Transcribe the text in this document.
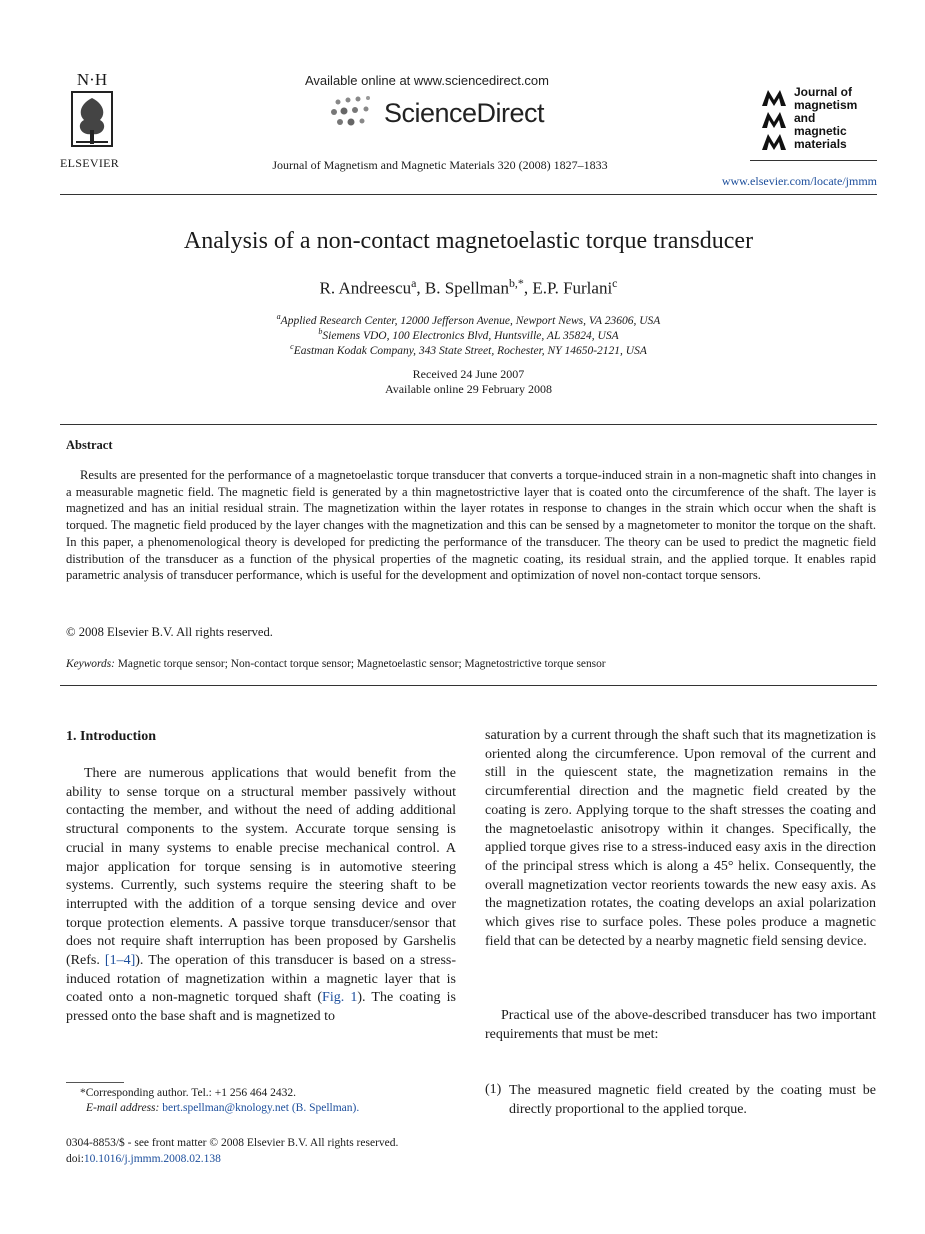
N·H
ELSEVIER
Available online at www.sciencedirect.com
ScienceDirect
Journal of Magnetism and Magnetic Materials 320 (2008) 1827–1833
Journal of
magnetism
and
magnetic
materials
www.elsevier.com/locate/jmmm
Analysis of a non-contact magnetoelastic torque transducer
R. Andreescu$^a$, B. Spellman$^{b,*}$, E.P. Furlani$^c$
$^a$Applied Research Center, 12000 Jefferson Avenue, Newport News, VA 23606, USA
$^b$Siemens VDO, 100 Electronics Blvd, Huntsville, AL 35824, USA
$^c$Eastman Kodak Company, 343 State Street, Rochester, NY 14650-2121, USA
Received 24 June 2007
Available online 29 February 2008
Abstract
Results are presented for the performance of a magnetoelastic torque transducer that converts a torque-induced strain in a non-magnetic shaft into changes in a measurable magnetic field. The magnetic field is generated by a thin magnetostrictive layer that is coated onto the circumference of the shaft. The layer is magnetized and has an initial residual strain. The magnetization within the layer rotates in response to changes in the strain which occur when the shaft is torqued. The magnetic field produced by the layer changes with the magnetization and this can be sensed by a magnetometer to monitor the torque on the shaft. In this paper, a phenomenological theory is developed for predicting the performance of the transducer. The theory can be used to predict the magnetic field distribution of the transducer as a function of the physical properties of the magnetic coating, its residual strain, and the applied torque. It enables rapid parametric analysis of transducer performance, which is useful for the development and optimization of novel non-contact torque sensors.
© 2008 Elsevier B.V. All rights reserved.
Keywords: Magnetic torque sensor; Non-contact torque sensor; Magnetoelastic sensor; Magnetostrictive torque sensor
1. Introduction
There are numerous applications that would benefit from the ability to sense torque on a structural member passively without contacting the member, and without the need of adding additional structural components to the system. Accurate torque sensing is crucial in many systems to enable precise mechanical control. A major application for torque sensing is in automotive steering systems. Currently, such systems require the steering shaft to be interrupted with the addition of a torque sensing device and over torque protection elements. A passive torque transducer/sensor that does not require shaft interruption has been proposed by Garshelis (Refs. [1–4]). The operation of this transducer is based on a stress-induced rotation of magnetization within a magnetic layer that is coated onto a non-magnetic torqued shaft (Fig. 1). The coating is pressed onto the base shaft and is magnetized to
saturation by a current through the shaft such that its magnetization is oriented along the circumference. Upon removal of the current and still in the quiescent state, the magnetization remains in the circumferential direction and the magnetic field created by the coating is zero. Applying torque to the shaft stresses the coating and the magnetoelastic anisotropy within it changes. Specifically, the applied torque gives rise to a stress-induced easy axis in the direction of the principal stress which is along a 45° helix. Consequently, the overall magnetization vector reorients towards the new easy axis. As the magnetization rotates, the coating develops an axial polarization which gives rise to surface poles. These poles produce a magnetic field that can be detected by a nearby magnetic field sensing device.
Practical use of the above-described transducer has two important requirements that must be met:
(1) The measured magnetic field created by the coating must be directly proportional to the applied torque.
*Corresponding author. Tel.: +1 256 464 2432.
E-mail address: bert.spellman@knology.net (B. Spellman).
0304-8853/$ - see front matter © 2008 Elsevier B.V. All rights reserved.
doi:10.1016/j.jmmm.2008.02.138
